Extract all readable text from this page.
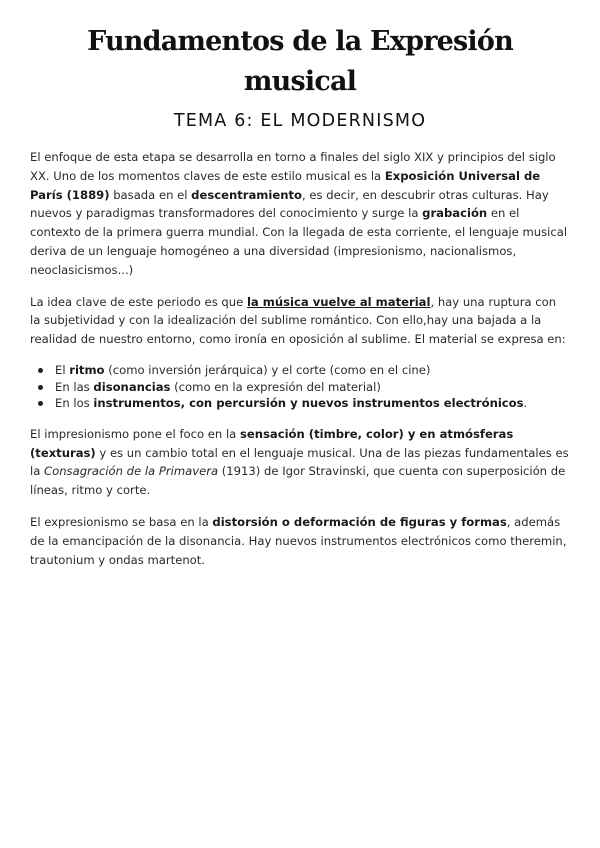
Fundamentos de la Expresión musical
TEMA 6: EL MODERNISMO

El enfoque de esta etapa se desarrolla en torno a finales del siglo XIX y principios del siglo XX. Uno de los momentos claves de este estilo musical es la Exposición Universal de París (1889) basada en el descentramiento, es decir, en descubrir otras culturas. Hay nuevos y paradigmas transformadores del conocimiento y surge la grabación en el contexto de la primera guerra mundial. Con la llegada de esta corriente, el lenguaje musical deriva de un lenguaje homogéneo a una diversidad (impresionismo, nacionalismos, neoclasicismos...)

La idea clave de este periodo es que la música vuelve al material, hay una ruptura con la subjetividad y con la idealización del sublime romántico. Con ello,hay una bajada a la realidad de nuestro entorno, como ironía en oposición al sublime. El material se expresa en:

El ritmo (como inversión jerárquica) y el corte (como en el cine)
En las disonancias (como en la expresión del material)
En los instrumentos, con percursión y nuevos instrumentos electrónicos.

El impresionismo pone el foco en la sensación (timbre, color) y en atmósferas (texturas) y es un cambio total en el lenguaje musical. Una de las piezas fundamentales es la Consagración de la Primavera (1913) de Igor Stravinski, que cuenta con superposición de líneas, ritmo y corte.

El expresionismo se basa en la distorsión o deformación de figuras y formas, además de la emancipación de la disonancia. Hay nuevos instrumentos electrónicos como theremin, trautonium y ondas martenot.
